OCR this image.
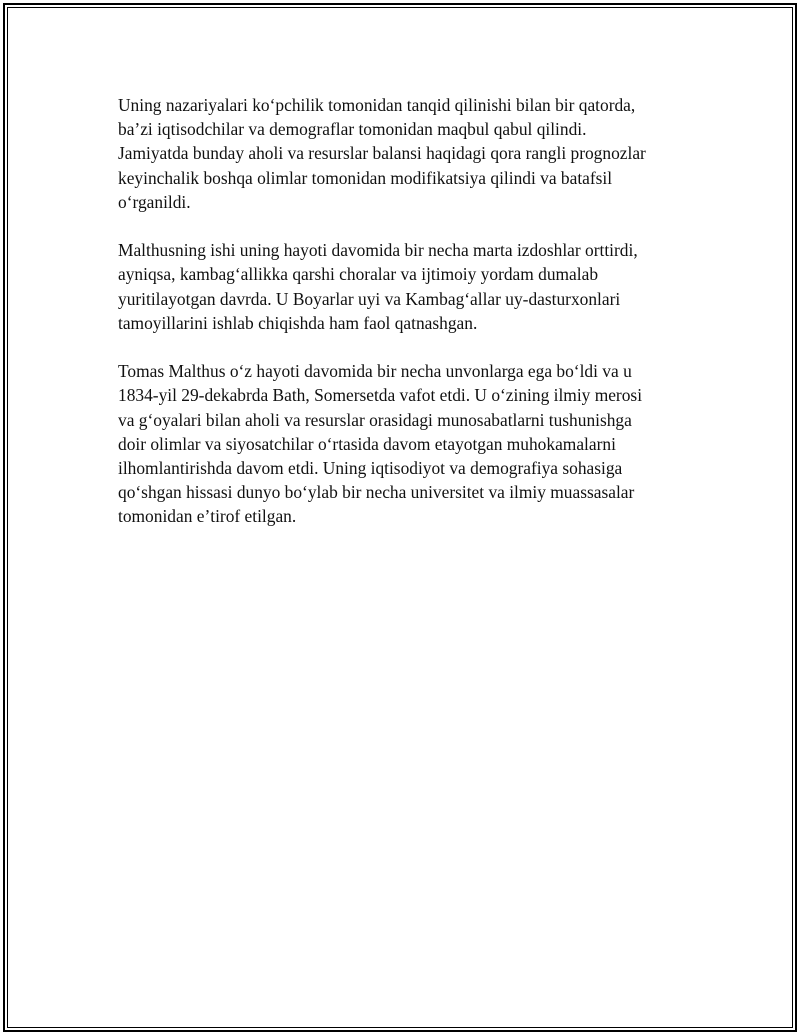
Uning nazariyalari koʻpchilik tomonidan tanqid qilinishi bilan bir qatorda,
baʼzi iqtisodchilar va demograflar tomonidan maqbul qabul qilindi.
Jamiyatda bunday aholi va resurslar balansi haqidagi qora rangli prognozlar
keyinchalik boshqa olimlar tomonidan modifikatsiya qilindi va batafsil
oʻrganildi.

Malthusning ishi uning hayoti davomida bir necha marta izdoshlar orttirdi,
ayniqsa, kambagʻallikka qarshi choralar va ijtimoiy yordam dumalab
yuritilayotgan davrda. U Boyarlar uyi va Kambagʻallar uy-dasturxonlari
tamoyillarini ishlab chiqishda ham faol qatnashgan.

Tomas Malthus oʻz hayoti davomida bir necha unvonlarga ega boʻldi va u
1834-yil 29-dekabrda Bath, Somersetda vafot etdi. U oʻzining ilmiy merosi
va gʻoyalari bilan aholi va resurslar orasidagi munosabatlarni tushunishga
doir olimlar va siyosatchilar oʻrtasida davom etayotgan muhokamalarni
ilhomlantirishda davom etdi. Uning iqtisodiyot va demografiya sohasiga
qoʻshgan hissasi dunyo boʻylab bir necha universitet va ilmiy muassasalar
tomonidan eʼtirof etilgan.
